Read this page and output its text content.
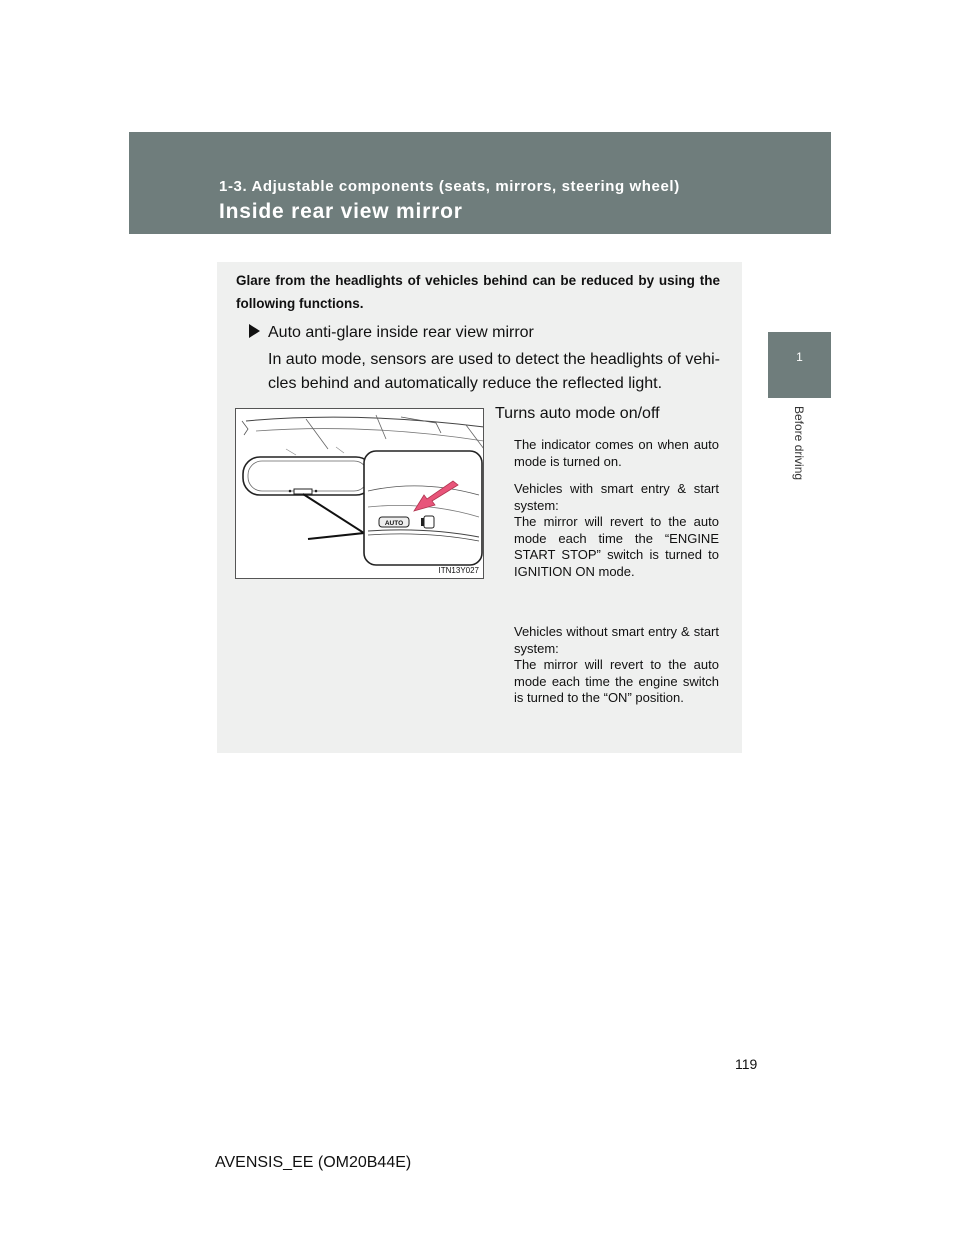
1-3. Adjustable components (seats, mirrors, steering wheel)
Inside rear view mirror
1
Before driving
Glare from the headlights of vehicles behind can be reduced by using the following functions.
Auto anti-glare inside rear view mirror
In auto mode, sensors are used to detect the headlights of vehi-cles behind and automatically reduce the reflected light.
AUTO
ITN13Y027
Turns auto mode on/off
The indicator comes on when auto mode is turned on.
Vehicles with smart entry & start system:
The mirror will revert to the auto mode each time the “ENGINE START STOP” switch is turned to IGNITION ON mode.
Vehicles without smart entry & start system:
The mirror will revert to the auto mode each time the engine switch is turned to the “ON” position.
119
AVENSIS_EE (OM20B44E)
